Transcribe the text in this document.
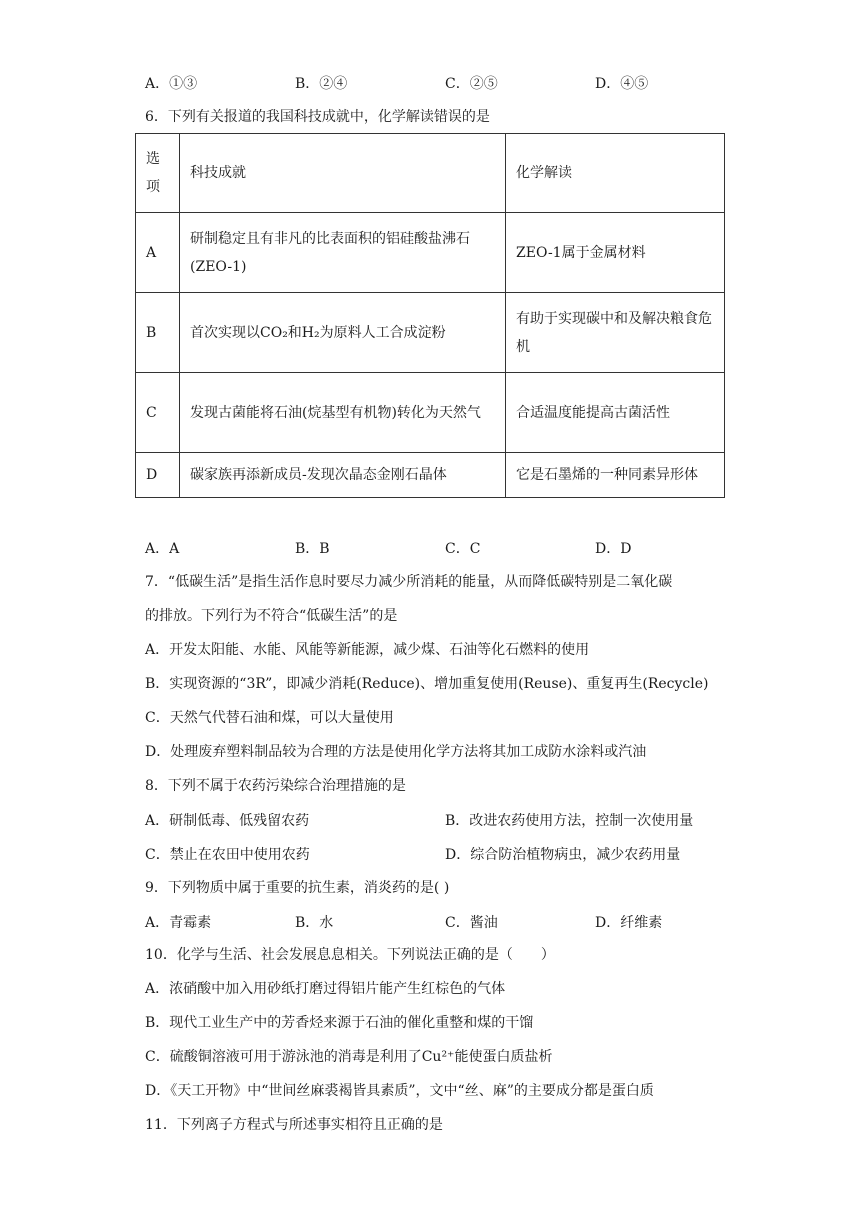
A．①③	B．②④	C．②⑤	D．④⑤
6．下列有关报道的我国科技成就中，化学解读错误的是
选项	科技成就	化学解读
A	研制稳定且有非凡的比表面积的铝硅酸盐沸石(ZEO-1)	ZEO-1属于金属材料
B	首次实现以CO₂和H₂为原料人工合成淀粉	有助于实现碳中和及解决粮食危机
C	发现古菌能将石油(烷基型有机物)转化为天然气	合适温度能提高古菌活性
D	碳家族再添新成员-发现次晶态金刚石晶体	它是石墨烯的一种同素异形体
A．A	B．B	C．C	D．D
7．“低碳生活”是指生活作息时要尽力减少所消耗的能量，从而降低碳特别是二氧化碳
的排放。下列行为不符合“低碳生活”的是
A．开发太阳能、水能、风能等新能源，减少煤、石油等化石燃料的使用
B．实现资源的“3R”，即减少消耗(Reduce)、增加重复使用(Reuse)、重复再生(Recycle)
C．天然气代替石油和煤，可以大量使用
D．处理废弃塑料制品较为合理的方法是使用化学方法将其加工成防水涂料或汽油
8．下列不属于农药污染综合治理措施的是
A．研制低毒、低残留农药	B．改进农药使用方法，控制一次使用量
C．禁止在农田中使用农药	D．综合防治植物病虫，减少农药用量
9．下列物质中属于重要的抗生素，消炎药的是( )
A．青霉素	B．水	C．酱油	D．纤维素
10．化学与生活、社会发展息息相关。下列说法正确的是（　　）
A．浓硝酸中加入用砂纸打磨过得铝片能产生红棕色的气体
B．现代工业生产中的芳香烃来源于石油的催化重整和煤的干馏
C．硫酸铜溶液可用于游泳池的消毒是利用了Cu²⁺能使蛋白质盐析
D．《天工开物》中“世间丝麻裘褐皆具素质”，文中“丝、麻”的主要成分都是蛋白质
11．下列离子方程式与所述事实相符且正确的是
